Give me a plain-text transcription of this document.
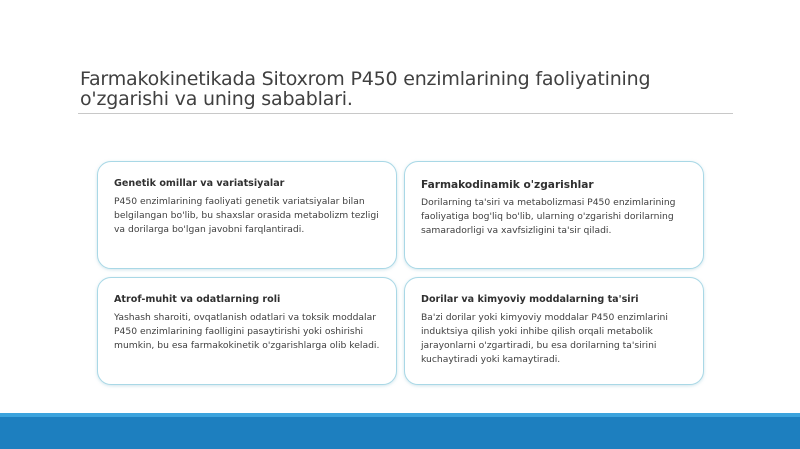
Farmakokinetikada Sitoxrom P450 enzimlarining faoliyatining o'zgarishi va uning sabablari.
Genetik omillar va variatsiyalar
P450 enzimlarining faoliyati genetik variatsiyalar bilan belgilangan bo'lib, bu shaxslar orasida metabolizm tezligi va dorilarga bo'lgan javobni farqlantiradi.
Farmakodinamik o'zgarishlar
Dorilarning ta'siri va metabolizmasi P450 enzimlarining faoliyatiga bog'liq bo'lib, ularning o'zgarishi dorilarning samaradorligi va xavfsizligini ta'sir qiladi.
Atrof-muhit va odatlarning roli
Yashash sharoiti, ovqatlanish odatlari va toksik moddalar P450 enzimlarining faolligini pasaytirishi yoki oshirishi mumkin, bu esa farmakokinetik o'zgarishlarga olib keladi.
Dorilar va kimyoviy moddalarning ta'siri
Ba'zi dorilar yoki kimyoviy moddalar P450 enzimlarini induktsiya qilish yoki inhibe qilish orqali metabolik jarayonlarni o'zgartiradi, bu esa dorilarning ta'sirini kuchaytiradi yoki kamaytiradi.
